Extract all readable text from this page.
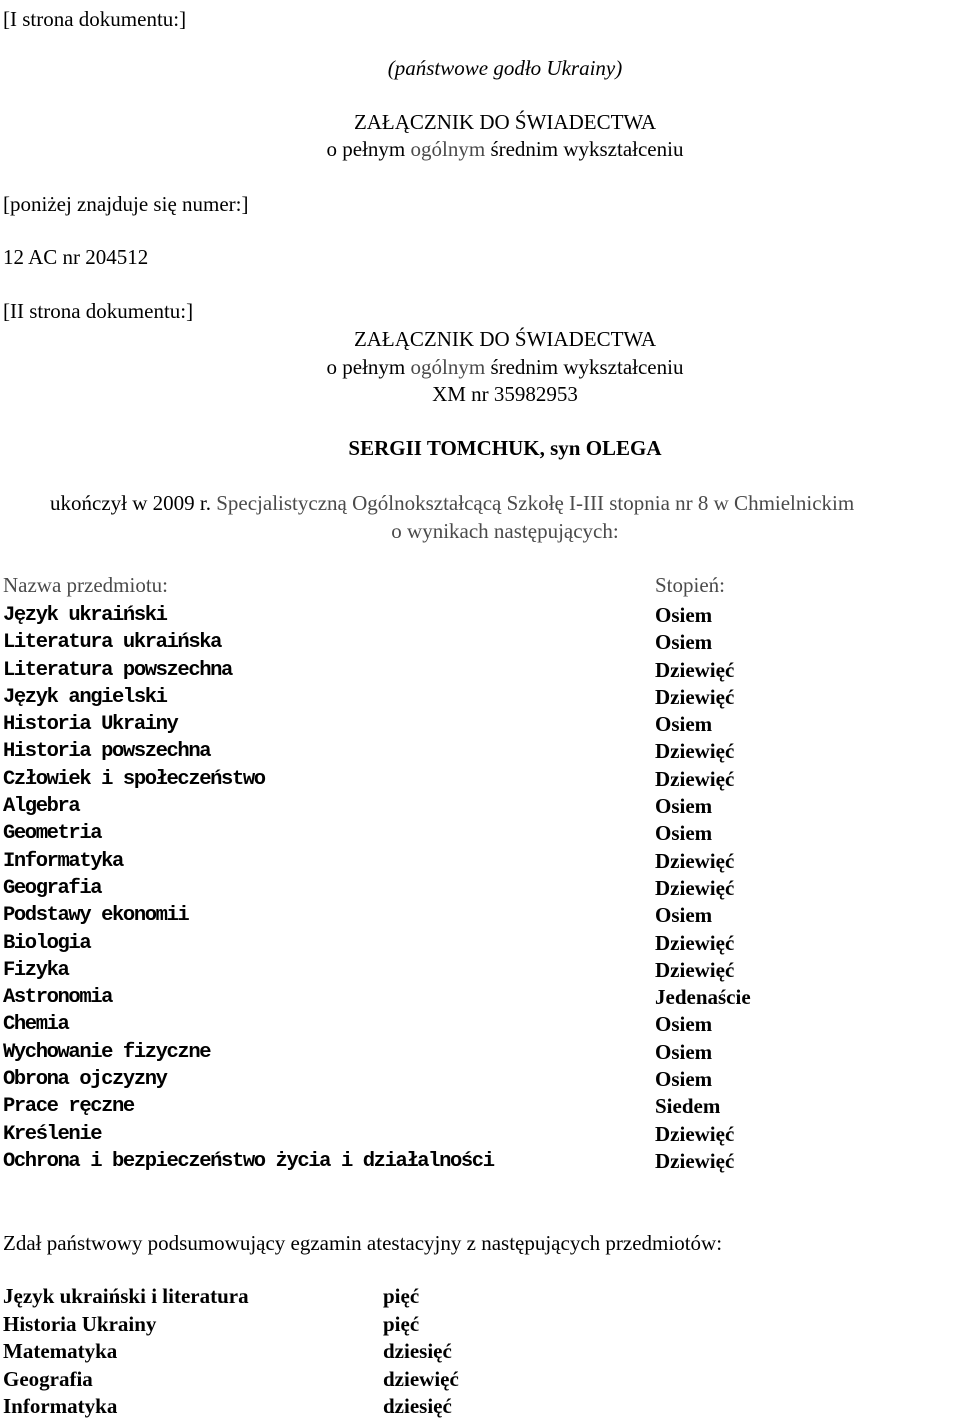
[I strona dokumentu:]
(państwowe godło Ukrainy)
ZAŁĄCZNIK DO ŚWIADECTWA
o pełnym ogólnym średnim wykształceniu
[poniżej znajduje się numer:]
12 AC nr 204512
[II strona dokumentu:]
ZAŁĄCZNIK DO ŚWIADECTWA
o pełnym ogólnym średnim wykształceniu
XM nr 35982953
SERGII TOMCHUK, syn OLEGA
ukończył w 2009 r. Specjalistyczną Ogólnokształcącą Szkołę I-III stopnia nr 8 w Chmielnickim
o wynikach następujących:
Nazwa przedmiotu:	Stopień:
Język ukraiński
Literatura ukraińska
Literatura powszechna
Język angielski
Historia Ukrainy
Historia powszechna
Człowiek i społeczeństwo
Algebra
Geometria
Informatyka
Geografia
Podstawy ekonomii
Biologia
Fizyka
Astronomia
Chemia
Wychowanie fizyczne
Obrona ojczyzny
Prace ręczne
Kreślenie
Ochrona i bezpieczeństwo życia i działalności
Osiem
Osiem
Dziewięć
Dziewięć
Osiem
Dziewięć
Dziewięć
Osiem
Osiem
Dziewięć
Dziewięć
Osiem
Dziewięć
Dziewięć
Jedenaście
Osiem
Osiem
Osiem
Siedem
Dziewięć
Dziewięć
Zdał państwowy podsumowujący egzamin atestacyjny z następujących przedmiotów:
Język ukraiński i literatura
Historia Ukrainy
Matematyka
Geografia
Informatyka
pięć
pięć
dziesięć
dziewięć
dziesięć
